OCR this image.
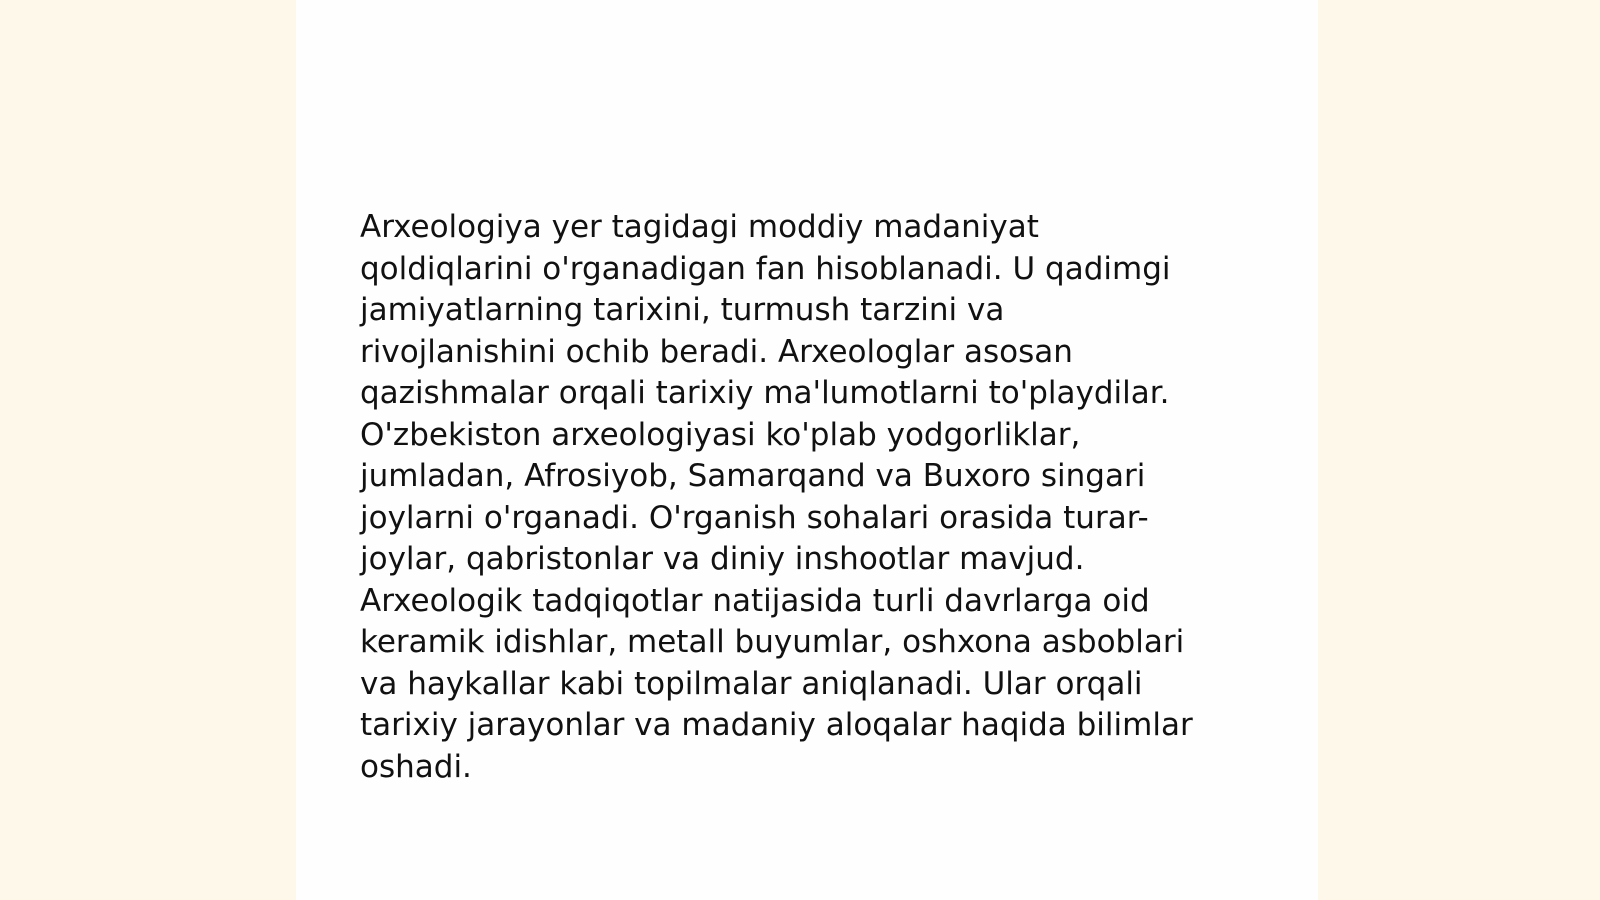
Arxeologiya yer tagidagi moddiy madaniyat
qoldiqlarini o'rganadigan fan hisoblanadi. U qadimgi
jamiyatlarning tarixini, turmush tarzini va
rivojlanishini ochib beradi. Arxeologlar asosan
qazishmalar orqali tarixiy ma'lumotlarni to'playdilar.
O'zbekiston arxeologiyasi ko'plab yodgorliklar,
jumladan, Afrosiyob, Samarqand va Buxoro singari
joylarni o'rganadi. O'rganish sohalari orasida turar-
joylar, qabristonlar va diniy inshootlar mavjud.
Arxeologik tadqiqotlar natijasida turli davrlarga oid
keramik idishlar, metall buyumlar, oshxona asboblari
va haykallar kabi topilmalar aniqlanadi. Ular orqali
tarixiy jarayonlar va madaniy aloqalar haqida bilimlar
oshadi.
